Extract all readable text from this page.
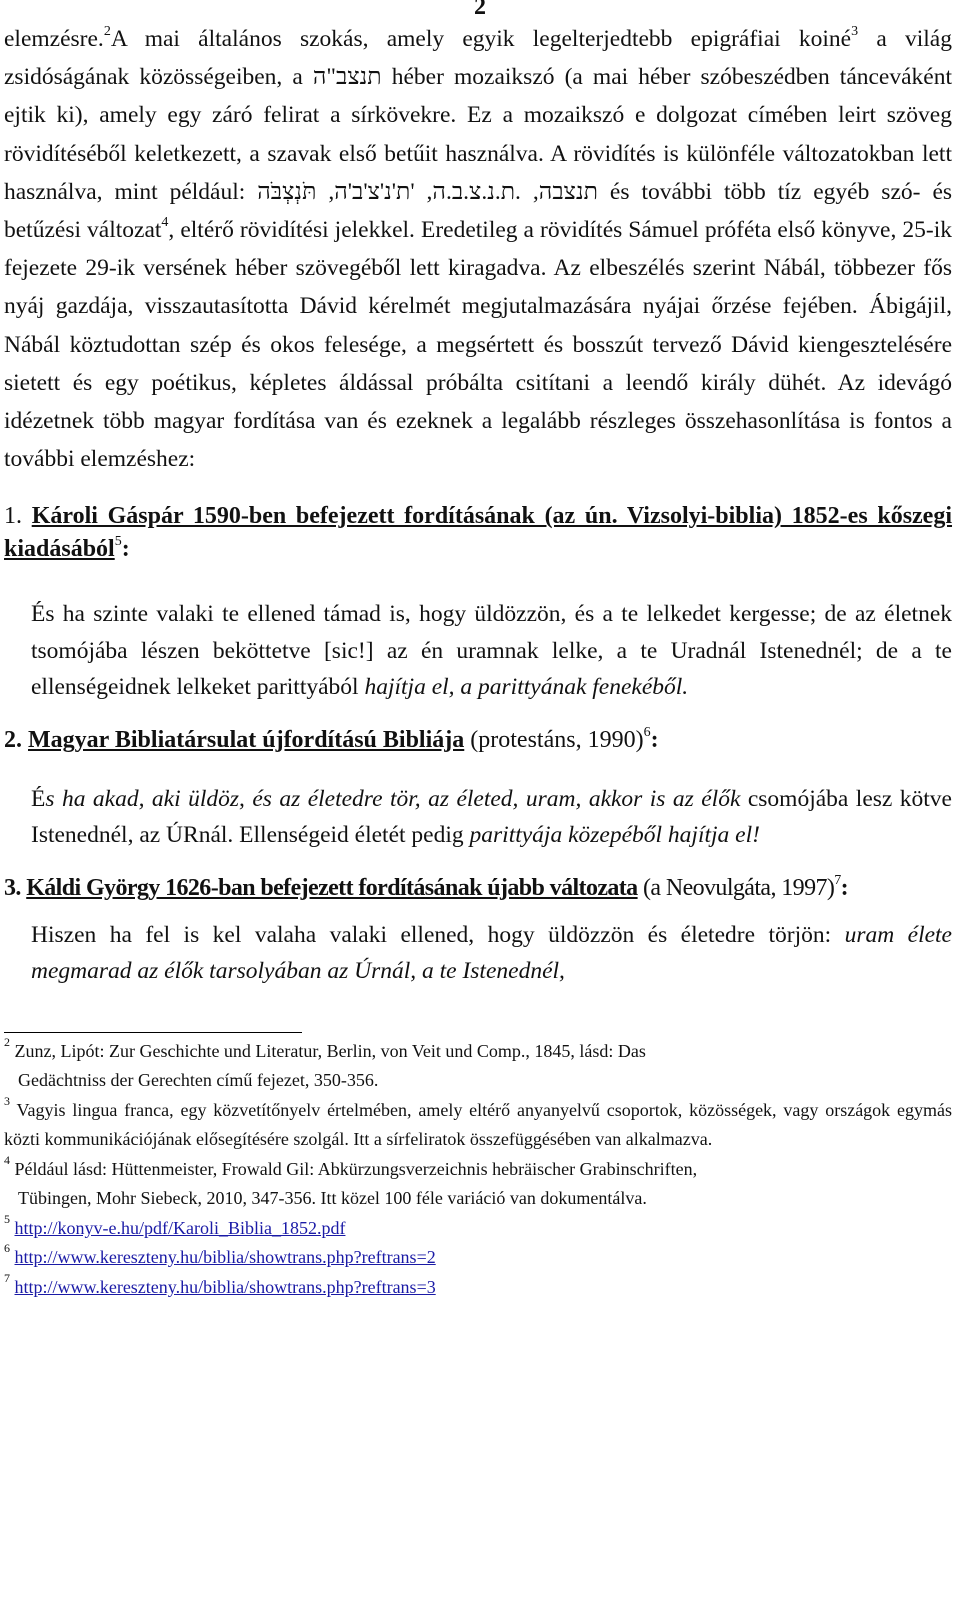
2

elemzésre.$^2$A mai általános szokás, amely egyik legelterjedtebb epigráfiai koiné$^3$ a világ zsidóságának közösségeiben, a תנצב"ה héber mozaikszó (a mai héber szóbeszédben tánceváként ejtik ki), amely egy záró felirat a sírkövekre. Ez a mozaikszó e dolgozat címében leirt szöveg rövidítéséből keletkezett, a szavak első betűit használva. A rövidítés is különféle változatokban lett használva, mint például: תנצבה, .ת.נ.צ.ב.ה, 'ת'נ'צ'ב'ה, תֹּנְצְבֹּה és további több tíz egyéb szó- és betűzési változat$^4$, eltérő rövidítési jelekkel. Eredetileg a rövidítés Sámuel próféta első könyve, 25-ik fejezete 29-ik versének héber szövegéből lett kiragadva. Az elbeszélés szerint Nábál, többezer fős nyáj gazdája, visszautasította Dávid kérelmét megjutalmazására nyájai őrzése fejében. Ábigájil, Nábál köztudottan szép és okos felesége, a megsértett és bosszút tervező Dávid kiengesztelésére sietett és egy poétikus, képletes áldással próbálta csitítani a leendő király dühét. Az idevágó idézetnek több magyar fordítása van és ezeknek a legalább részleges összehasonlítása is fontos a további elemzéshez:

1. Károli Gáspár 1590-ben befejezett fordításának (az ún. Vizsolyi-biblia) 1852-es kőszegi kiadásából$^5$:

És ha szinte valaki te ellened támad is, hogy üldözzön, és a te lelkedet kergesse; de az életnek tsomójába lészen beköttetve [sic!] az én uramnak lelke, a te Uradnál Istenednél; de a te ellenségeidnek lelkeket parittyából hajítja el, a parittyának fenekéből.

2. Magyar Bibliatársulat újfordítású Bibliája (protestáns, 1990)$^6$:

És ha akad, aki üldöz, és az életedre tör, az életed, uram, akkor is az élők csomójába lesz kötve Istenednél, az ÚRnál. Ellenségeid életét pedig parittyája közepéből hajítja el!

3. Káldi György 1626-ban befejezett fordításának újabb változata (a Neovulgáta, 1997)$^7$:

Hiszen ha fel is kel valaha valaki ellened, hogy üldözzön és életedre törjön: uram élete megmarad az élők tarsolyában az Úrnál, a te Istenednél,

$^2$ Zunz, Lipót: Zur Geschichte und Literatur, Berlin, von Veit und Comp., 1845, lásd: Das
Gedächtniss der Gerechten című fejezet, 350-356.

$^3$ Vagyis lingua franca, egy közvetítőnyelv értelmében, amely eltérő anyanyelvű csoportok, közösségek, vagy országok egymás közti kommunikációjának elősegítésére szolgál. Itt a sírfeliratok összefüggésében van alkalmazva.

$^4$ Például lásd: Hüttenmeister, Frowald Gil: Abkürzungsverzeichnis hebräischer Grabinschriften,
Tübingen, Mohr Siebeck, 2010, 347-356. Itt közel 100 féle variáció van dokumentálva.

$^5$ http://konyv-e.hu/pdf/Karoli_Biblia_1852.pdf

$^6$ http://www.kereszteny.hu/biblia/showtrans.php?reftrans=2

$^7$ http://www.kereszteny.hu/biblia/showtrans.php?reftrans=3
